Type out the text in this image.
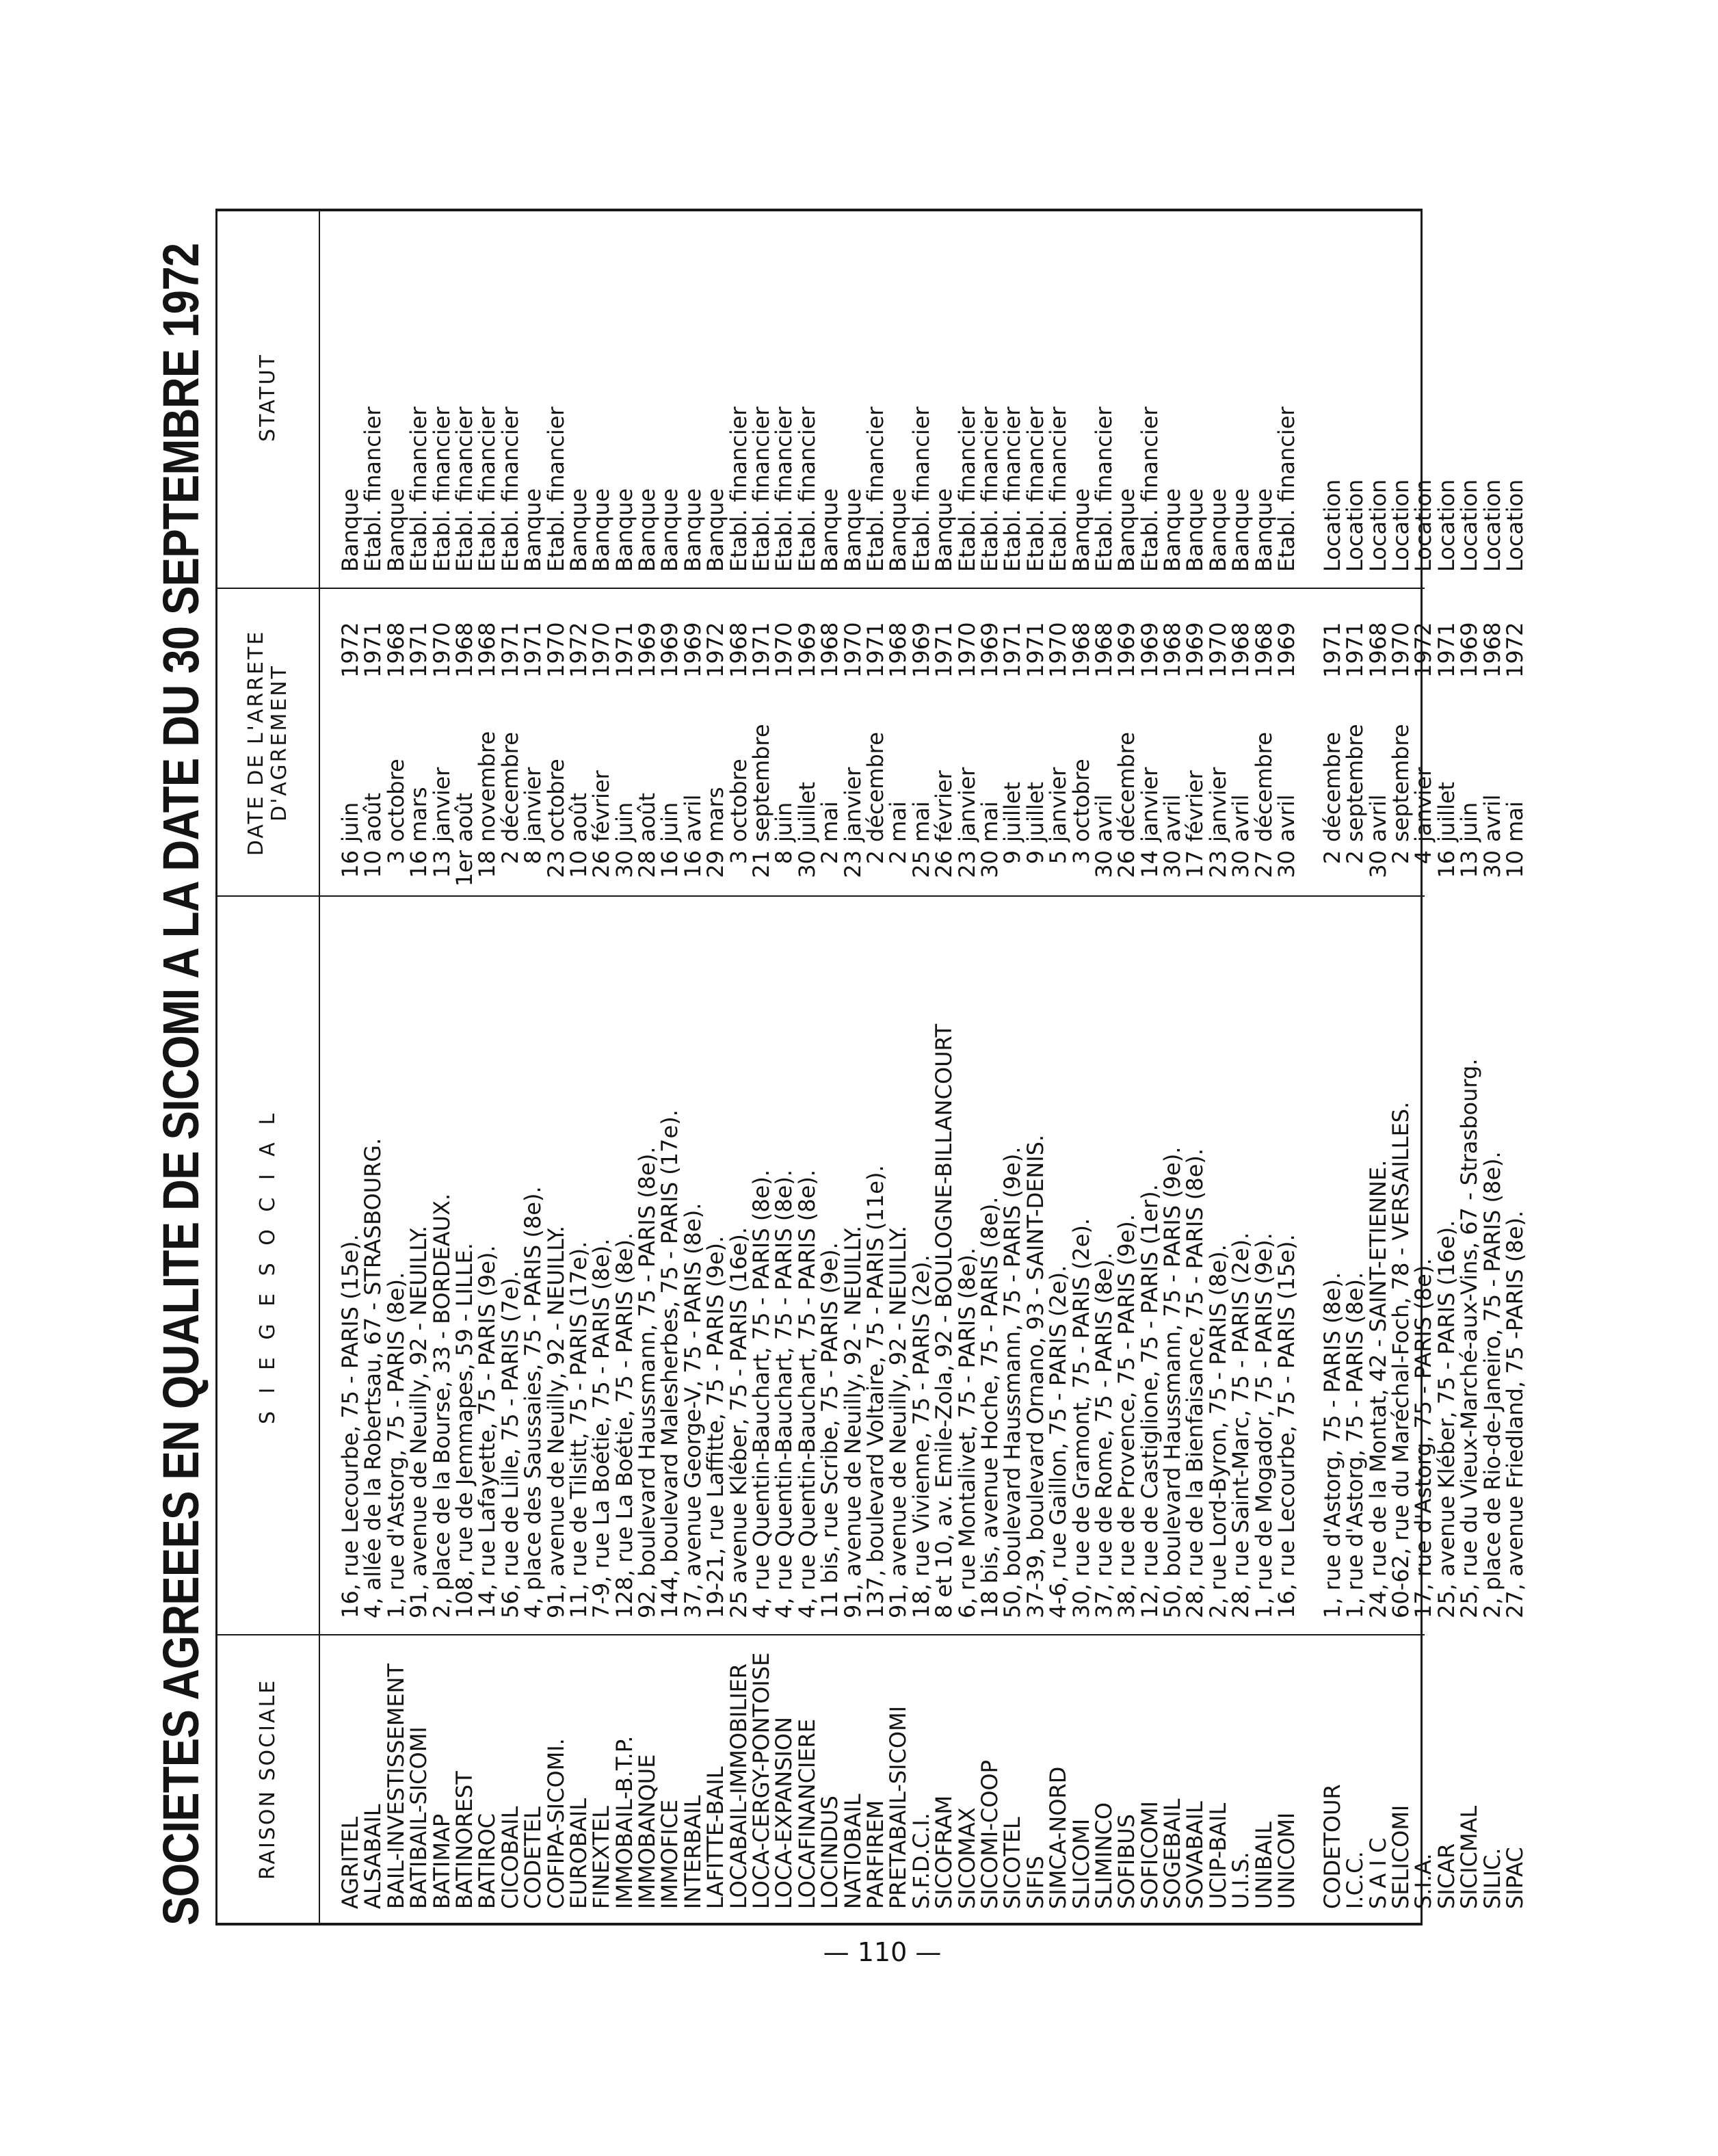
SOCIETES AGREEES EN QUALITE DE SICOMI A LA DATE DU 30 SEPTEMBRE 1972	RAISON SOCIALE
S I E G E S O C I A L
DATE DE L'ARRETE D'AGREMENT
STATUT
AGRITEL
ALSABAIL
BAIL-INVESTISSEMENT
BATIBAIL-SICOMI
BATIMAP
BATINOREST
BATIROC
CICOBAIL
CODETEL
COFIPA-SICOMI.
EUROBAIL
FINEXTEL
IMMOBAIL-B.T.P.
IMMOBANQUE
IMMOFICE
INTERBAIL
LAFITTE-BAIL
LOCABAIL-IMMOBILIER
LOCA-CERGY-PONTOISE
LOCA-EXPANSION
LOCAFINANCIERE
LOCINDUS
NATIOBAIL
PARFIREM
PRETABAIL-SICOMI
S.F.D.C.I.
SICOFRAM
SICOMAX
SICOMI-COOP
SICOTEL
SIFIS
SIMCA-NORD
SLICOMI
SLIMINCO
SOFIBUS
SOFICOMI
SOGEBAIL
SOVABAIL
UCIP-BAIL
U.I.S.
UNIBAIL
UNICOMI CODETOUR
I.C.C.
S A I C
SELICOMI
S.I.A.
SICAR
SICICMAL
SILIC.
SIPAC
16, rue Lecourbe, 75 - PARIS (15e).
4, allée de la Robertsau, 67 - STRASBOURG.
1, rue d'Astorg, 75 - PARIS (8e).
91, avenue de Neuilly, 92 - NEUILLY.
2, place de la Bourse, 33 - BORDEAUX.
108, rue de Jemmapes, 59 - LILLE.
14, rue Lafayette, 75 - PARIS (9e).
56, rue de Lille, 75 - PARIS (7e).
4, place des Saussaies, 75 - PARIS (8e).
91, avenue de Neuilly, 92 - NEUILLY.
11, rue de Tilsitt, 75 - PARIS (17e).
7-9, rue La Boétie, 75 - PARIS (8e).
128, rue La Boétie, 75 - PARIS (8e).
92, boulevard Haussmann, 75 - PARIS (8e).
144, boulevard Malesherbes, 75 - PARIS (17e).
37, avenue George-V, 75 - PARIS (8e).
19-21, rue Laffitte, 75 - PARIS (9e).
25 avenue Kléber, 75 - PARIS (16e).
4, rue Quentin-Bauchart, 75 - PARIS (8e).
4, rue Quentin-Bauchart, 75 - PARIS (8e).
4, rue Quentin-Bauchart, 75 - PARIS (8e).
11 bis, rue Scribe, 75 - PARIS (9e).
91, avenue de Neuilly, 92 - NEUILLY.
137, boulevard Voltaire, 75 - PARIS (11e).
91, avenue de Neuilly, 92 - NEUILLY.
18, rue Vivienne, 75 - PARIS (2e).
8 et 10, av. Emile-Zola, 92 - BOULOGNE-BILLANCOURT
6, rue Montalivet, 75 - PARIS (8e).
18 bis, avenue Hoche, 75 - PARIS (8e).
50, boulevard Haussmann, 75 - PARIS (9e).
37-39, boulevard Ornano, 93 - SAINT-DENIS.
4-6, rue Gaillon, 75 - PARIS (2e).
30, rue de Gramont, 75 - PARIS (2e).
37, rue de Rome, 75 - PARIS (8e).
38, rue de Provence, 75 - PARIS (9e).
12, rue de Castiglione, 75 - PARIS (1er).
50, boulevard Haussmann, 75 - PARIS (9e).
28, rue de la Bienfaisance, 75 - PARIS (8e).
2, rue Lord-Byron, 75 - PARIS (8e).
28, rue Saint-Marc, 75 - PARIS (2e).
1, rue de Mogador, 75 - PARIS (9e).
16, rue Lecourbe, 75 - PARIS (15e). 1, rue d'Astorg, 75 - PARIS (8e).
1, rue d'Astorg, 75 - PARIS (8e).
24, rue de la Montat, 42 - SAINT-ETIENNE.
60-62, rue du Maréchal-Foch, 78 - VERSAILLES.
17, rue d'Astorg, 75 - PARIS (8e).
25, avenue Kléber, 75 - PARIS (16e).
25, rue du Vieux-Marché-aux-Vins, 67 - Strasbourg.
2, place de Rio-de-Janeiro, 75 - PARIS (8e).
27, avenue Friedland, 75 -PARIS (8e).
16juin1972
10août1971
3octobre1968
16mars1971
13janvier1970
1eraoût1968
18novembre1968
2décembre1971
8janvier1971
23octobre1970
10août1972
26février1970
30juin1971
28août1969
16juin1969
16avril1969
29mars1972
3octobre1968
21septembre1971
8juin1970
30juillet1969
2mai1968
23janvier1970
2décembre1971
2mai1968
25mai1969
26février1971
23janvier1970
30mai1969
9juillet1971
9juillet1971
5janvier1970
3octobre1968
30avril1968
26décembre1969
14janvier1969
30avril1968
17février1969
23janvier1970
30avril1968
27décembre1968
30avril1969
2décembre1971
2septembre1971
30avril1968
2septembre1970
4janvier1972
16juillet1971
13juin1969
30avril1968
10mai1972
Banque
Etabl. financier
Banque
Etabl. financier
Etabl. financier
Etabl. financier
Etabl. financier
Etabl. financier
Banque
Etabl. financier
Banque
Banque
Banque
Banque
Banque
Banque
Banque
Etabl. financier
Etabl. financier
Etabl. financier
Etabl. financier
Banque
Banque
Etabl. financier
Banque
Etabl. financier
Banque
Etabl. financier
Etabl. financier
Etabl. financier
Etabl. financier
Etabl. financier
Banque
Etabl. financier
Banque
Etabl. financier
Banque
Banque
Banque
Banque
Banque
Etabl. financier Location
Location
Location
Location
Location
Location
Location
Location
Location
— 110 —
